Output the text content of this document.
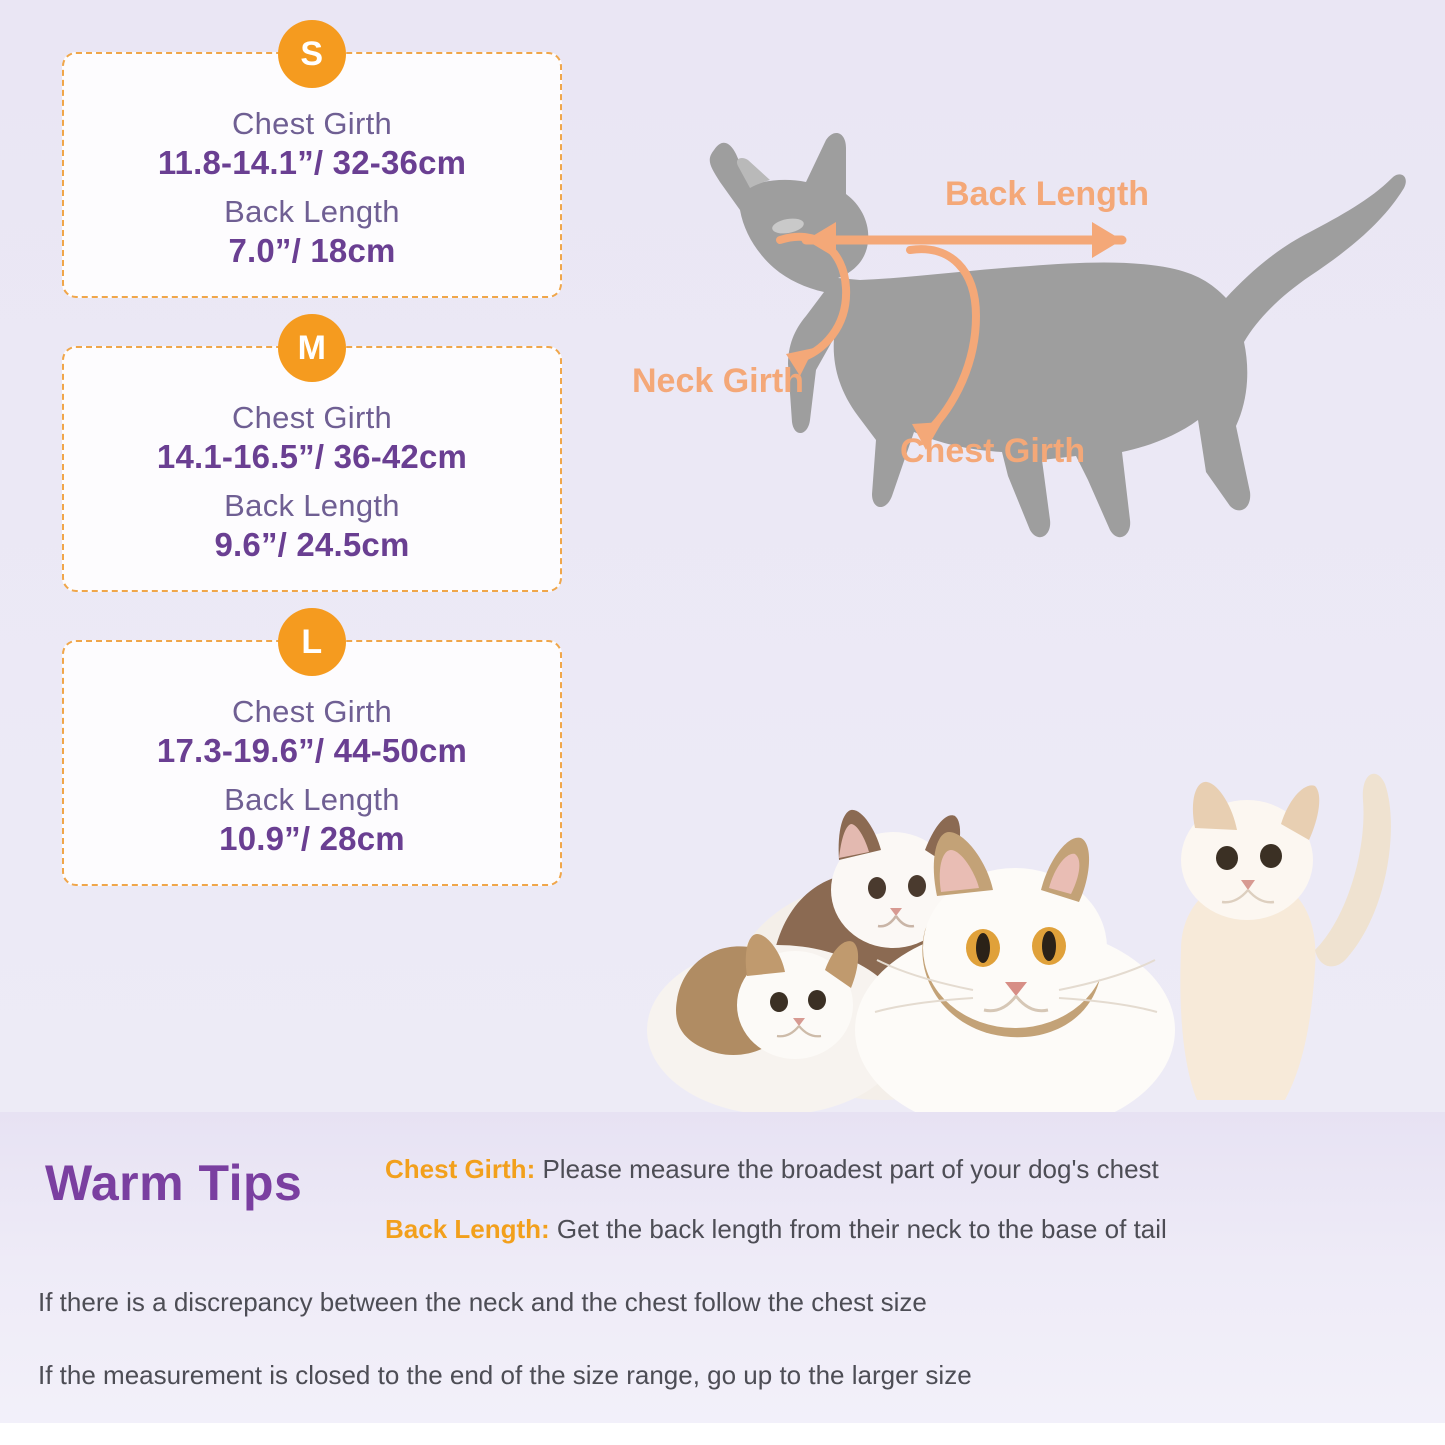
S
Chest Girth
11.8-14.1”/ 32-36cm
Back Length
7.0”/ 18cm
M
Chest Girth
14.1-16.5”/ 36-42cm
Back Length
9.6”/ 24.5cm
L
Chest Girth
17.3-19.6”/ 44-50cm
Back Length
10.9”/ 28cm
Back Length
Neck Girth
Chest Girth
Warm Tips	Chest Girth: Please measure the broadest part of your dog's chest
Back Length: Get the back length from their neck to the base of tail
If there is a discrepancy between the neck and the chest follow the chest size
If the measurement is closed to the end of the size range, go up to the larger size
